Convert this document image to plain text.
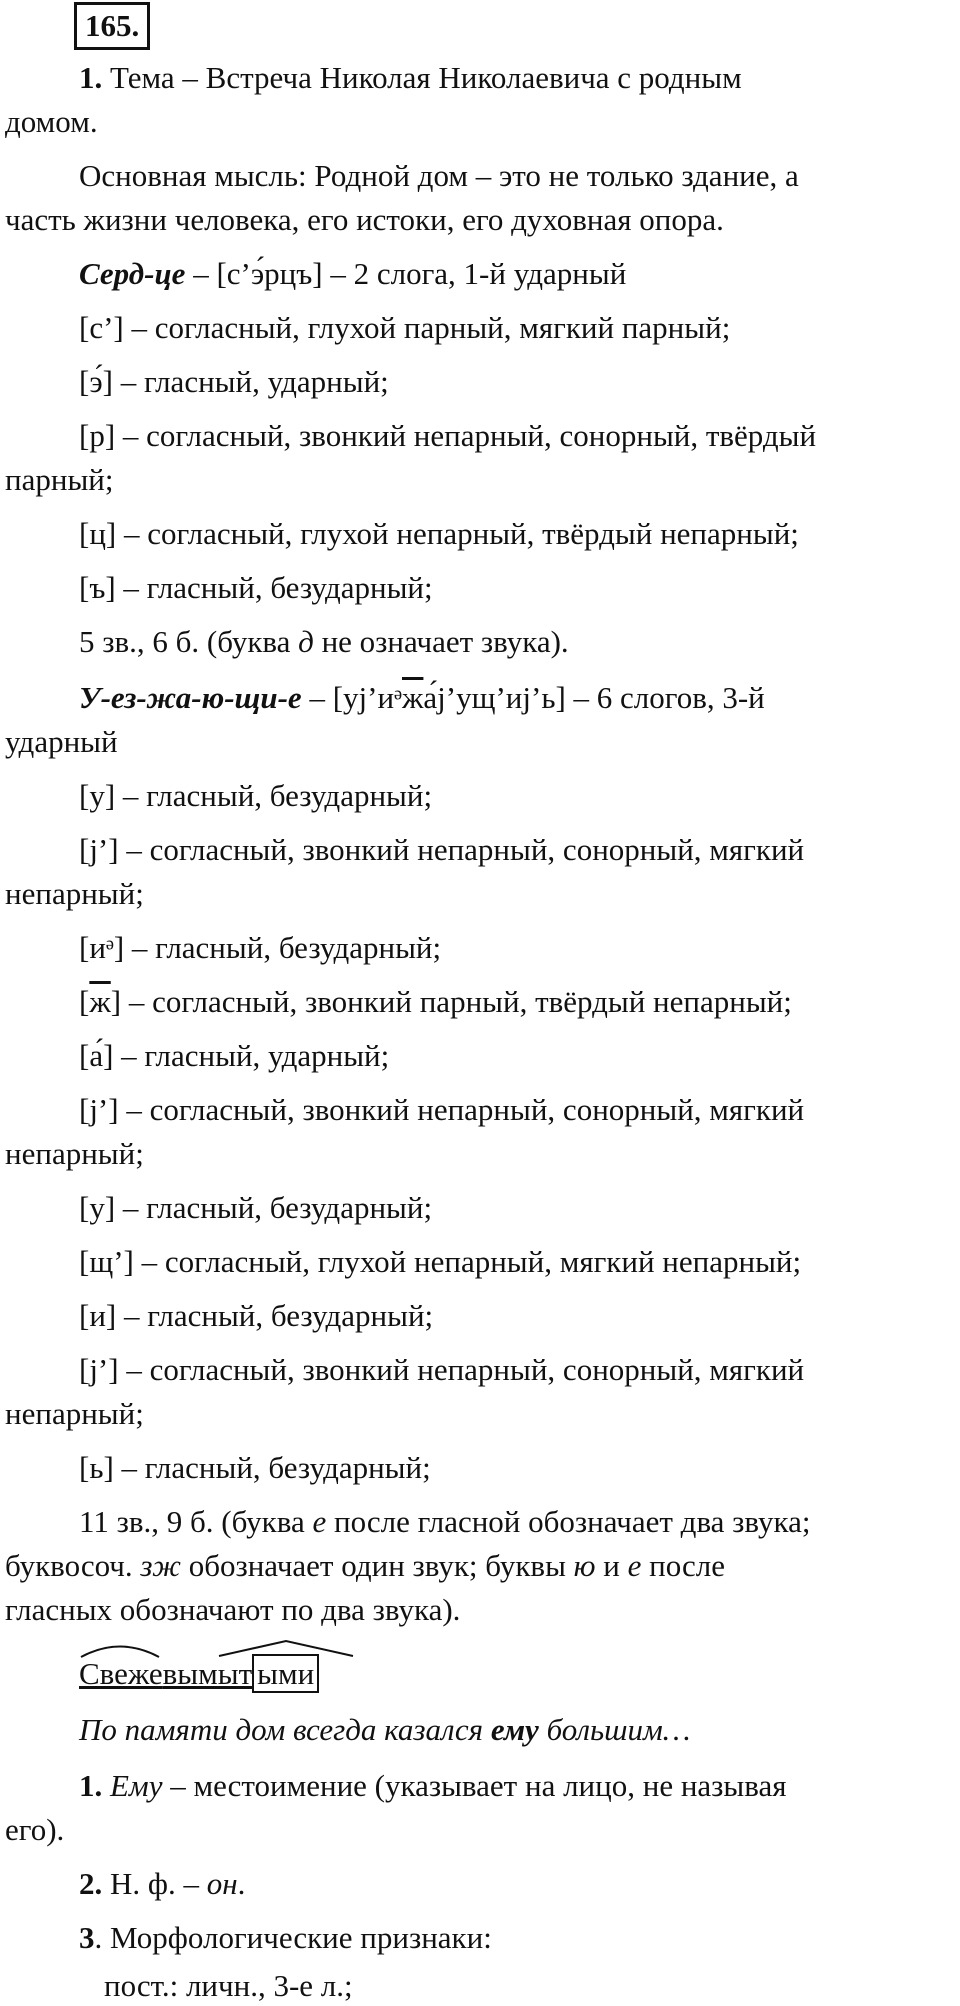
165.
1. Тема – Встреча Николая Николаевича с родным
домом.
Основная мысль: Родной дом – это не только здание, а
часть жизни человека, его истоки, его духовная опора.
Серд-це – [с’э́рцъ] – 2 слога, 1-й ударный
[с’] – согласный, глухой парный, мягкий парный;
[э́] – гласный, ударный;
[р] – согласный, звонкий непарный, сонорный, твёрдый
парный;
[ц] – согласный, глухой непарный, твёрдый непарный;
[ъ] – гласный, безударный;
5 зв., 6 б. (буква д не означает звука).
У-ез-жа-ю-щи-е – [уj’иᵊжа́j’ущ’иj’ь] – 6 слогов, 3-й
ударный
[у] – гласный, безударный;
[j’] – согласный, звонкий непарный, сонорный, мягкий
непарный;
[иᵊ] – гласный, безударный;
[ж] – согласный, звонкий парный, твёрдый непарный;
[а́] – гласный, ударный;
[j’] – согласный, звонкий непарный, сонорный, мягкий
непарный;
[у] – гласный, безударный;
[щ’] – согласный, глухой непарный, мягкий непарный;
[и] – гласный, безударный;
[j’] – согласный, звонкий непарный, сонорный, мягкий
непарный;
[ь] – гласный, безударный;
11 зв., 9 б. (буква е после гласной обозначает два звука;
буквосоч. зж обозначает один звук; буквы ю и е после
гласных обозначают по два звука).
Свежевымыт ыми
По памяти дом всегда казался ему большим…
1. Ему – местоимение (указывает на лицо, не называя
его).
2. Н. ф. – он.
3. Морфологические признаки:
пост.: личн., 3-е л.;
